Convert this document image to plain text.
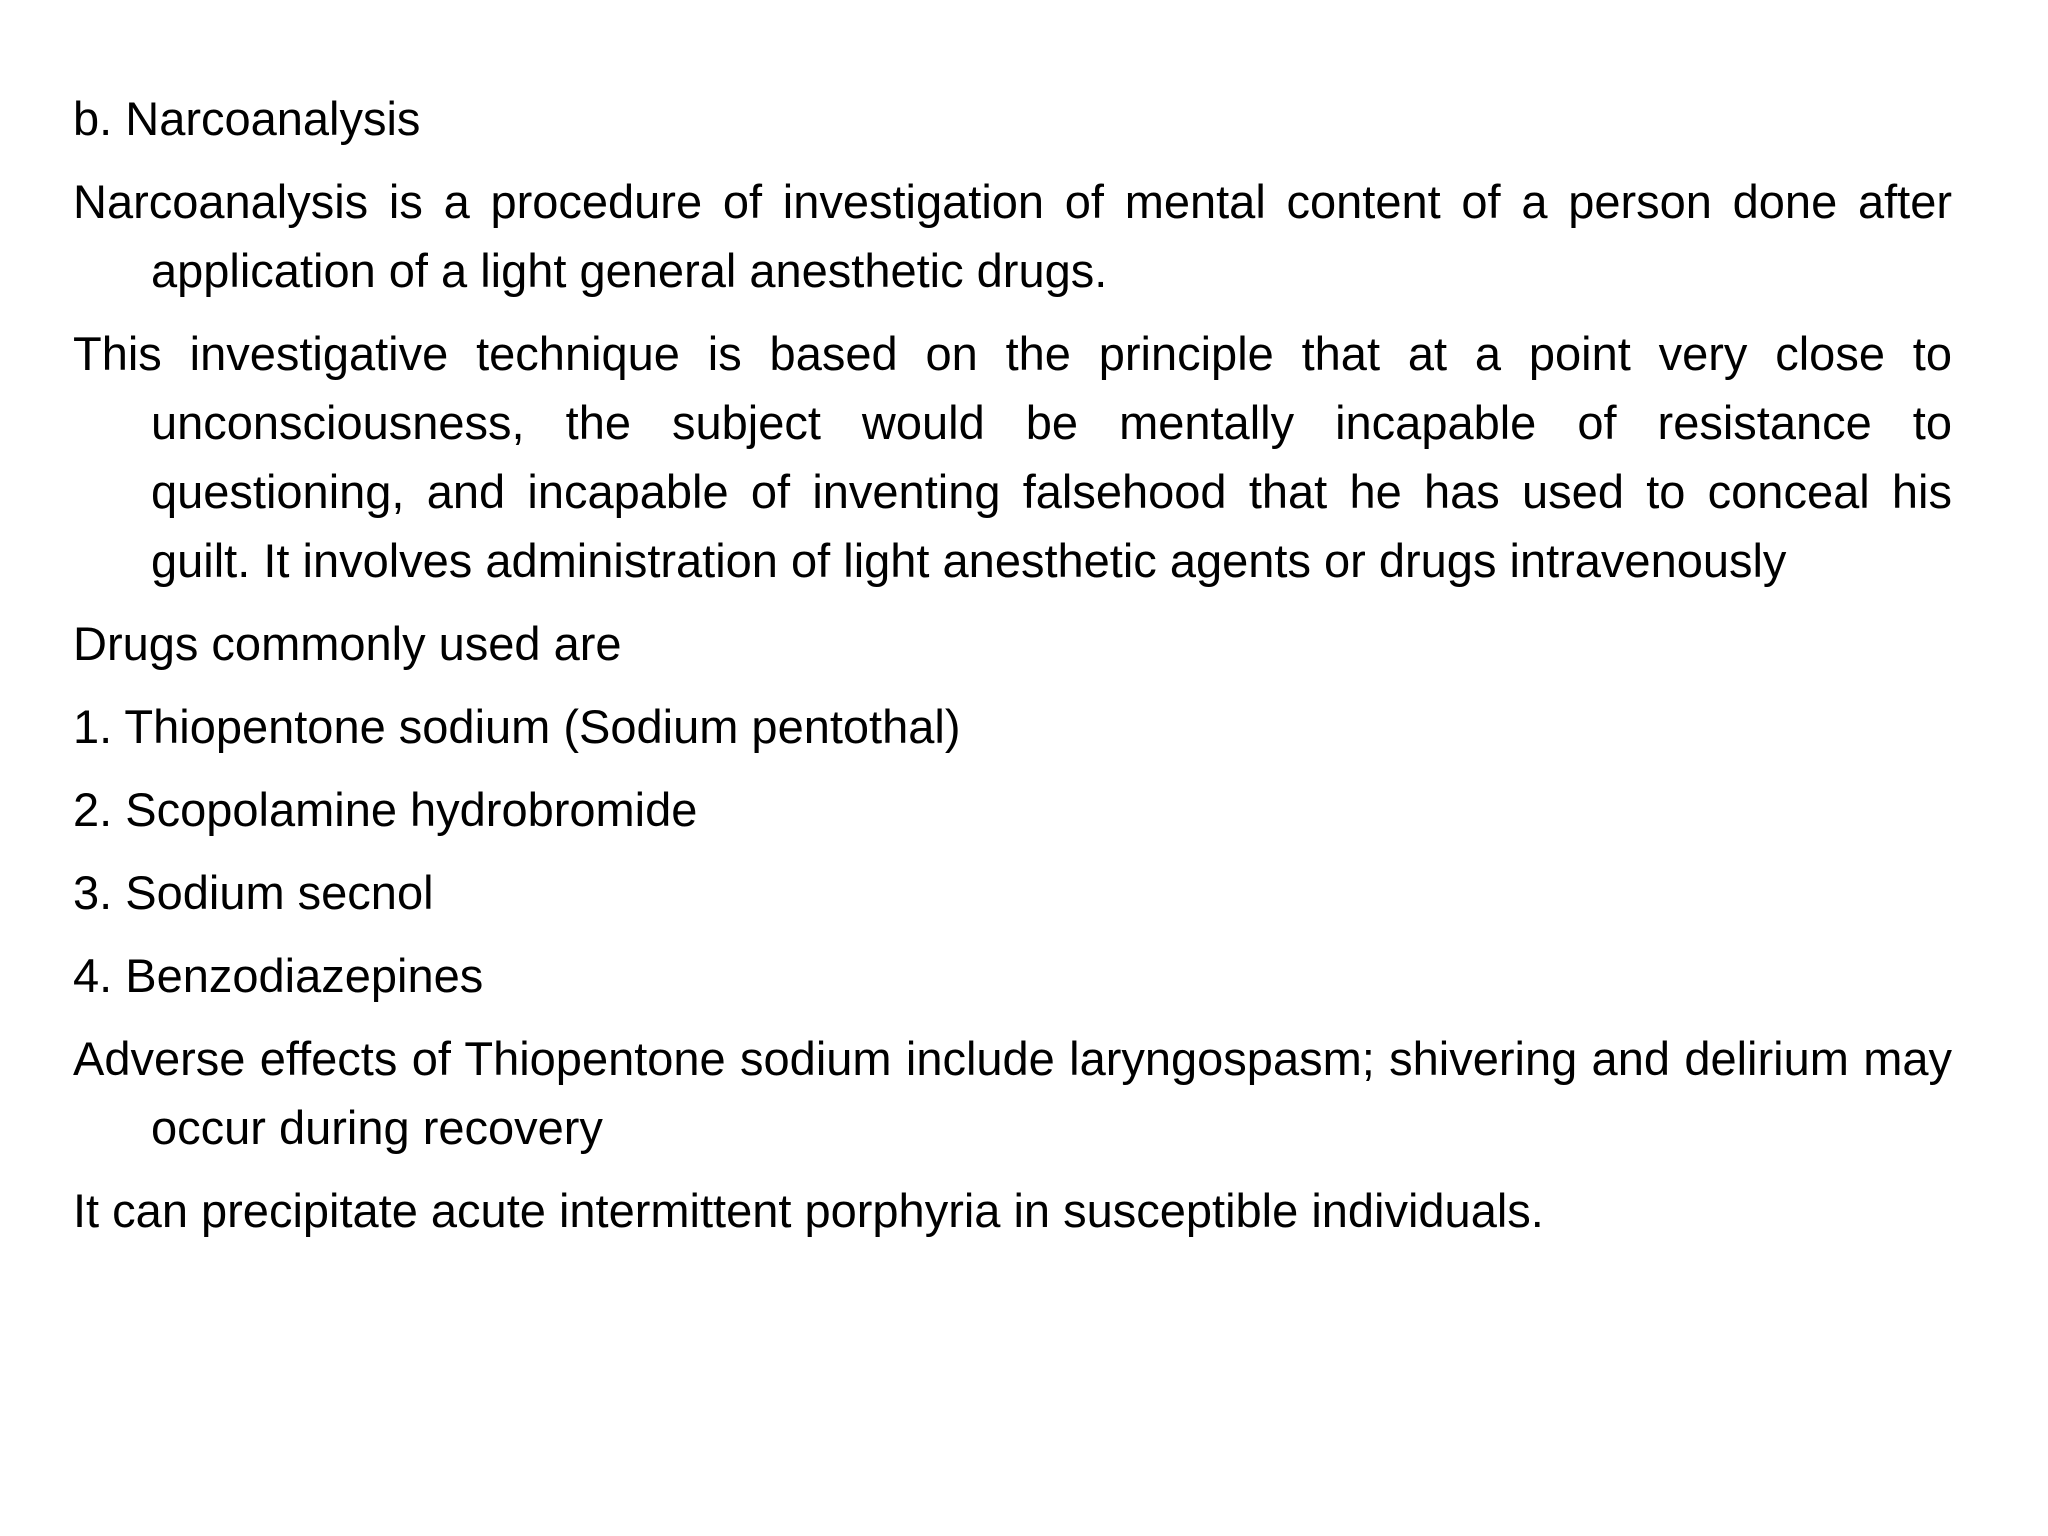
b. Narcoanalysis

Narcoanalysis is a procedure of investigation of mental content of a person done after application of a light general anesthetic drugs.

This investigative technique is based on the principle that at a point very close to unconsciousness, the subject would be mentally incapable of resistance to questioning, and incapable of inventing falsehood that he has used to conceal his guilt. It involves administration of light anesthetic agents or drugs intravenously

Drugs commonly used are

1. Thiopentone sodium (Sodium pentothal)

2. Scopolamine hydrobromide

3. Sodium secnol

4. Benzodiazepines

Adverse effects of Thiopentone sodium include laryngospasm; shivering and delirium may occur during recovery

It can precipitate acute intermittent porphyria in susceptible individuals.
